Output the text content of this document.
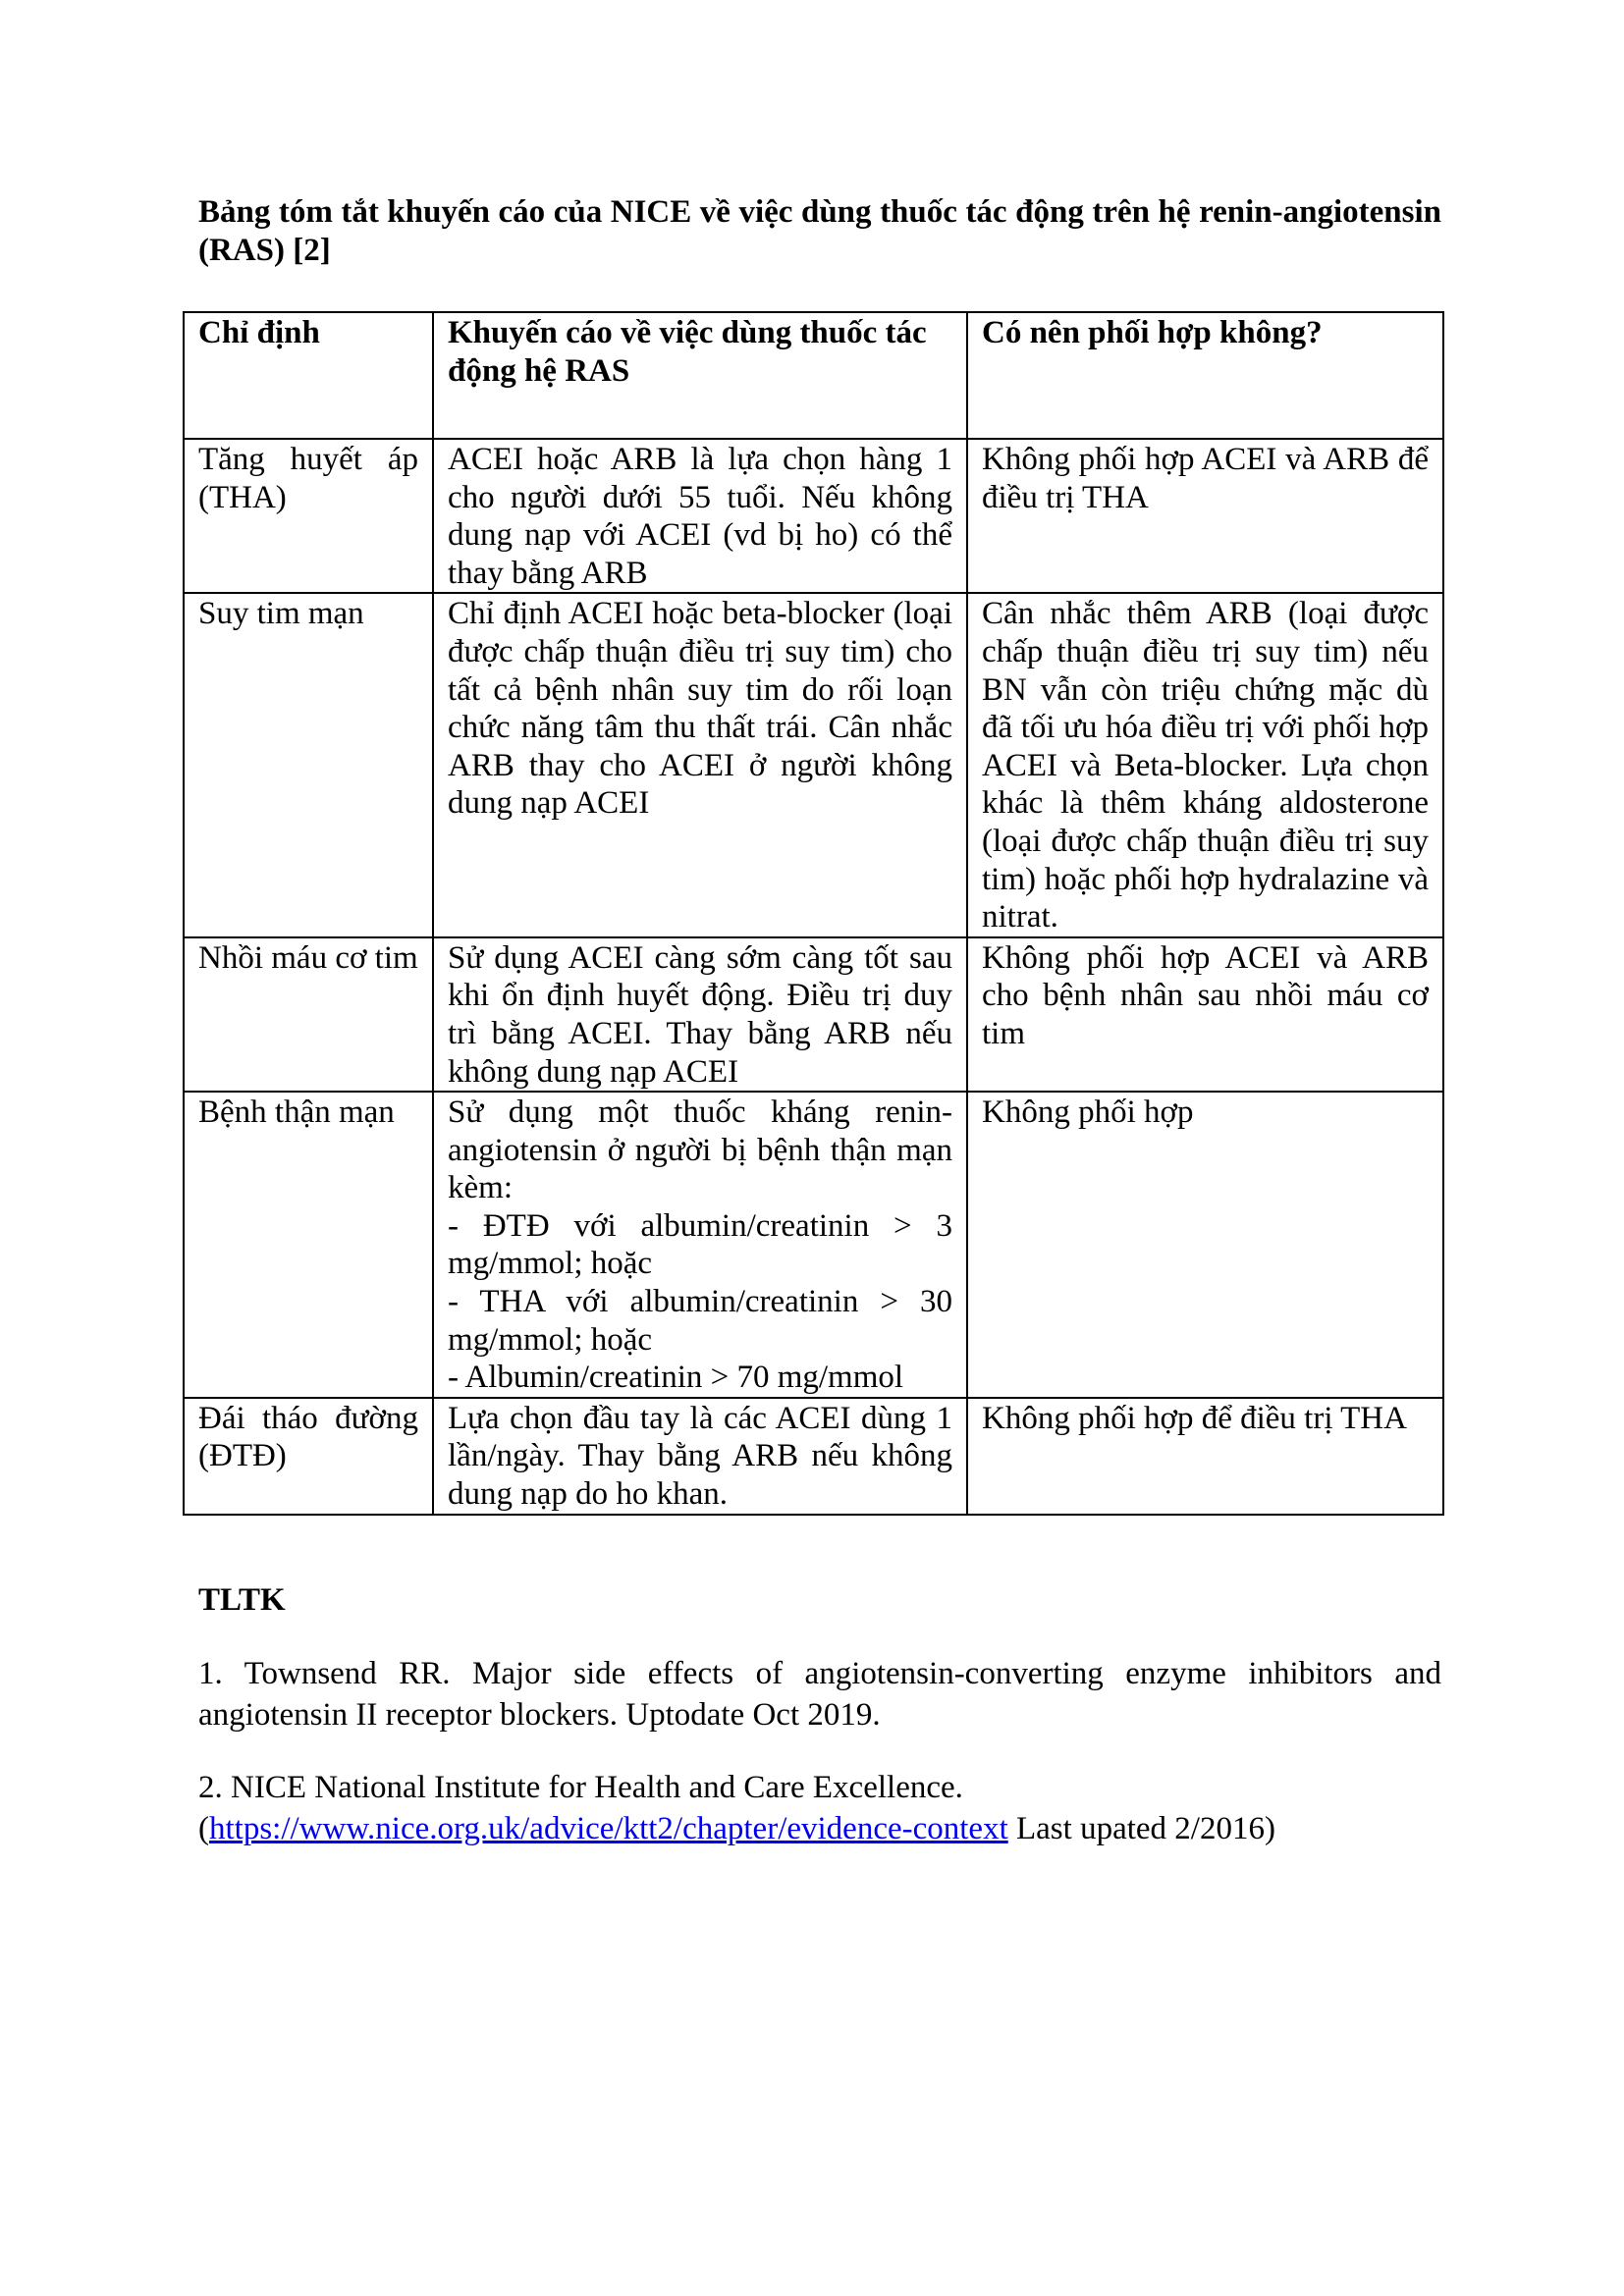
Bảng tóm tắt khuyến cáo của NICE về việc dùng thuốc tác động trên hệ renin-angiotensin (RAS) [2]

Chỉ định	Khuyến cáo về việc dùng thuốc tác động hệ RAS	Có nên phối hợp không?
Tăng huyết áp (THA)	ACEI hoặc ARB là lựa chọn hàng 1 cho người dưới 55 tuổi. Nếu không dung nạp với ACEI (vd bị ho) có thể thay bằng ARB	Không phối hợp ACEI và ARB để điều trị THA
Suy tim mạn	Chỉ định ACEI hoặc beta-blocker (loại được chấp thuận điều trị suy tim) cho tất cả bệnh nhân suy tim do rối loạn chức năng tâm thu thất trái. Cân nhắc ARB thay cho ACEI ở người không dung nạp ACEI	Cân nhắc thêm ARB (loại được chấp thuận điều trị suy tim) nếu BN vẫn còn triệu chứng mặc dù đã tối ưu hóa điều trị với phối hợp ACEI và Beta-blocker. Lựa chọn khác là thêm kháng aldosterone (loại được chấp thuận điều trị suy tim) hoặc phối hợp hydralazine và nitrat.
Nhồi máu cơ tim	Sử dụng ACEI càng sớm càng tốt sau khi ổn định huyết động. Điều trị duy trì bằng ACEI. Thay bằng ARB nếu không dung nạp ACEI	Không phối hợp ACEI và ARB cho bệnh nhân sau nhồi máu cơ tim
Bệnh thận mạn	Sử dụng một thuốc kháng renin-angiotensin ở người bị bệnh thận mạn kèm:
- ĐTĐ với albumin/creatinin > 3 mg/mmol; hoặc
- THA với albumin/creatinin > 30 mg/mmol; hoặc
- Albumin/creatinin > 70 mg/mmol	Không phối hợp
Đái tháo đường (ĐTĐ)	Lựa chọn đầu tay là các ACEI dùng 1 lần/ngày. Thay bằng ARB nếu không dung nạp do ho khan.	Không phối hợp để điều trị THA

TLTK

1. Townsend RR. Major side effects of angiotensin-converting enzyme inhibitors and angiotensin II receptor blockers. Uptodate Oct 2019.

2. NICE National Institute for Health and Care Excellence.
(https://www.nice.org.uk/advice/ktt2/chapter/evidence-context Last upated 2/2016)
